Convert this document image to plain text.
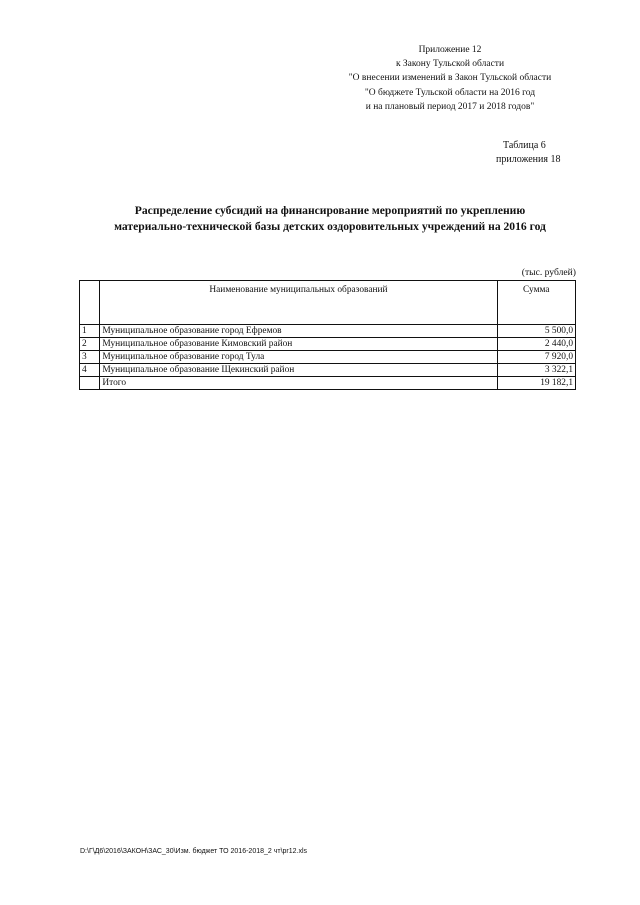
Приложение 12
к Закону Тульской области
"О внесении изменений в Закон Тульской области
"О бюджете Тульской области на 2016 год
и на плановый период 2017 и 2018 годов"
Таблица 6
приложения 18
Распределение субсидий на финансирование мероприятий по укреплению
материально-технической базы детских оздоровительных учреждений на 2016 год
(тыс. рублей)
	Наименование муниципальных образований	Сумма
1	Муниципальное образование город Ефремов	5 500,0
2	Муниципальное образование Кимовский район	2 440,0
3	Муниципальное образование город Тула	7 920,0
4	Муниципальное образование Щекинский район	3 322,1
	Итого	19 182,1
D:\Г\Д6\2016\ЗАКОН\ЗАС_30\Изм. бюджет ТО 2016-2018_2 чт\pr12.xls
